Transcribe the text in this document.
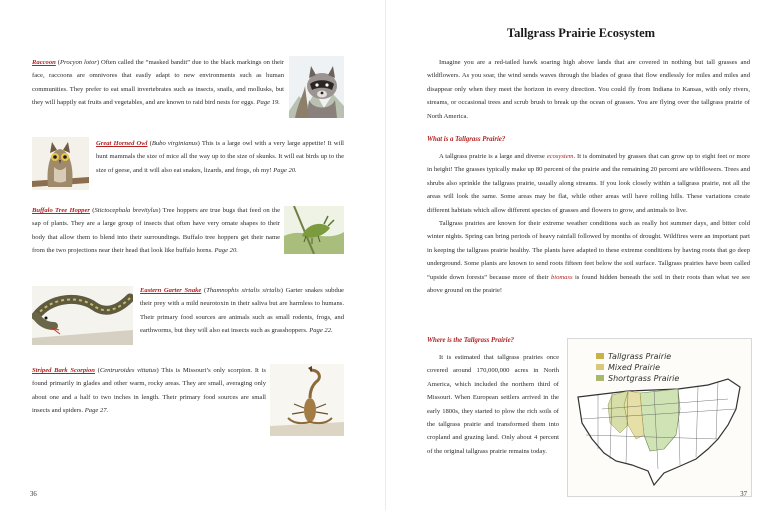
Raccoon (Procyon lotor) Often called the “masked bandit” due to the black markings on their face, raccoons are omnivores that easily adapt to new environments such as human communities. They prefer to eat small invertebrates such as insects, snails, and mollusks, but they will happily eat fruits and vegetables, and are known to raid bird nests for eggs. Page 19.
Great Horned Owl (Bubo virginianus) This is a large owl with a very large appetite! It will hunt mammals the size of mice all the way up to the size of skunks. It will eat birds up to the size of geese, and it will also eat snakes, lizards, and frogs, oh my! Page 20.
Buffalo Tree Hopper (Stictocephala brevitylus) Tree hoppers are true bugs that feed on the sap of plants. They are a large group of insects that often have very ornate shapes to their body that allow them to blend into their surroundings. Buffalo tree hoppers get their name from the two projections near their head that look like buffalo horns. Page 20.
Eastern Garter Snake (Thamnophis sirtalis sirtalis) Garter snakes subdue their prey with a mild neurotoxin in their saliva but are harmless to humans. Their primary food sources are animals such as small rodents, frogs, and earthworms, but they will also eat insects such as grasshoppers. Page 22.
Striped Bark Scorpion (Centruroides vittatus) This is Missouri’s only scorpion. It is found primarily in glades and other warm, rocky areas. They are small, averaging only about one and a half to two inches in length. Their primary food sources are small insects and spiders. Page 27.
36
Tallgrass Prairie Ecosystem

Imagine you are a red-tailed hawk soaring high above lands that are covered in nothing but tall grasses and wildflowers. As you soar, the wind sends waves through the blades of grass that flow endlessly for miles and miles and disappear only when they meet the horizon in every direction. You could fly from Indiana to Kansas, with only rivers, streams, or occasional trees and scrub brush to break up the ocean of grasses. You are flying over the tallgrass prairie of North America.

What is a Tallgrass Prairie?

A tallgrass prairie is a large and diverse ecosystem. It is dominated by grasses that can grow up to eight feet or more in height! The grasses typically make up 80 percent of the prairie and the remaining 20 percent are wildflowers. Trees and shrubs also sprinkle the tallgrass prairie, usually along streams. If you look closely within a tallgrass prairie, not all the areas will look the same. Some areas may be flat, while other areas will have rolling hills. These variations create different habitats which allow different species of grasses and flowers to grow, and animals to live.

Tallgrass prairies are known for their extreme weather conditions such as really hot summer days, and bitter cold winter nights. Spring can bring periods of heavy rainfall followed by months of drought. Wildfires were an important part in keeping the tallgrass prairie healthy. The plants have adapted to these extreme conditions by having roots that go deep underground. Some plants are known to send roots fifteen feet below the soil surface. Tallgrass prairies have been called “upside down forests” because more of their biomass is found hidden beneath the soil in their roots than what we see above ground on the prairie!

Where is the Tallgrass Prairie?

It is estimated that tallgrass prairies once covered around 170,000,000 acres in North America, which included the northern third of Missouri. When European settlers arrived in the early 1800s, they started to plow the rich soils of the tallgrass prairie and transformed them into cropland and grazing land. Only about 4 percent of the original tallgrass prairie remains today.

Tallgrass Prairie
Mixed Prairie
Shortgrass Prairie
37
